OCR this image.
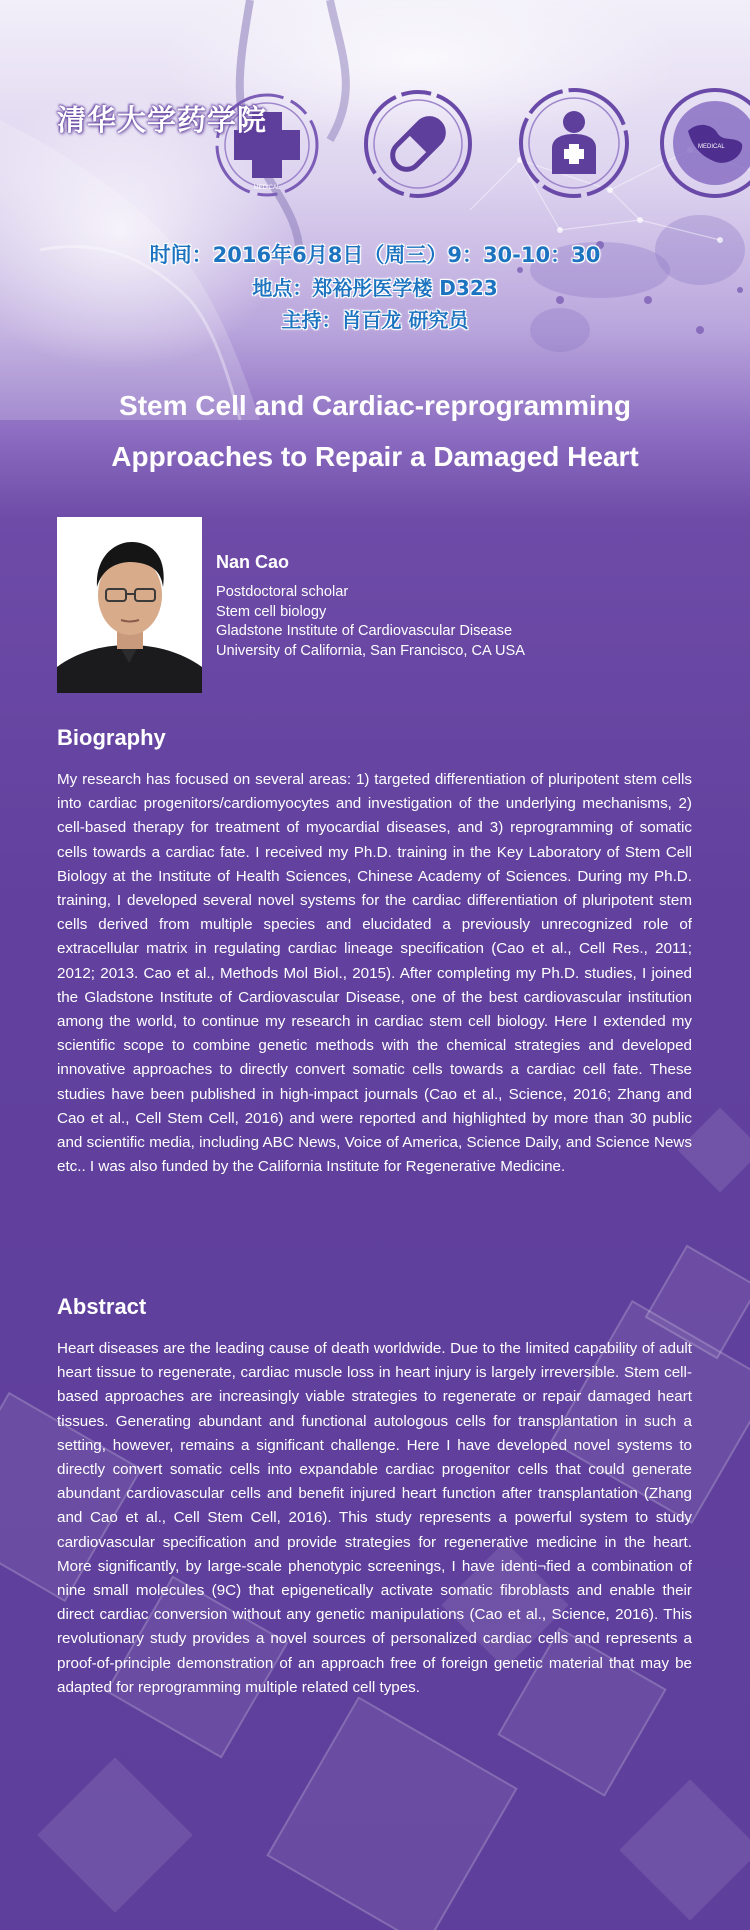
MEDICAL
MEDICAL
清华大学药学院
时间：2016年6月8日（周三）9：30-10：30
地点：郑裕彤医学楼 D323
主持：肖百龙 研究员
Stem Cell and Cardiac-reprogramming
Approaches to Repair a Damaged Heart
Nan Cao
Postdoctoral scholar
Stem cell biology
Gladstone Institute of Cardiovascular Disease
University of California, San Francisco, CA USA
Biography
My research has focused on several areas: 1) targeted differentiation of pluripotent stem cells into cardiac progenitors/cardiomyocytes and investigation of the underlying mechanisms, 2) cell-based therapy for treatment of myocardial diseases, and 3) reprogramming of somatic cells towards a cardiac fate. I received my Ph.D. training in the Key Laboratory of Stem Cell Biology at the Institute of Health Sciences, Chinese Academy of Sciences. During my Ph.D. training, I developed several novel systems for the cardiac differentiation of pluripotent stem cells derived from multiple species and elucidated a previously unrecognized role of extracellular matrix in regulating cardiac lineage specification (Cao et al., Cell Res., 2011; 2012; 2013. Cao et al., Methods Mol Biol., 2015). After completing my Ph.D. studies, I joined the Gladstone Institute of Cardiovascular Disease, one of the best cardiovascular institution among the world, to continue my research in cardiac stem cell biology. Here I extended my scientific scope to combine genetic methods with the chemical strategies and developed innovative approaches to directly convert somatic cells towards a cardiac cell fate. These studies have been published in high-impact journals (Cao et al., Science, 2016; Zhang and Cao et al., Cell Stem Cell, 2016) and were reported and highlighted by more than 30 public and scientific media, including ABC News, Voice of America, Science Daily, and Science News etc.. I was also funded by the California Institute for Regenerative Medicine.
Abstract
Heart diseases are the leading cause of death worldwide. Due to the limited capability of adult heart tissue to regenerate, cardiac muscle loss in heart injury is largely irreversible. Stem cell-based approaches are increasingly viable strategies to regenerate or repair damaged heart tissues. Generating abundant and functional autologous cells for transplantation in such a setting, however, remains a significant challenge. Here I have developed novel systems to directly convert somatic cells into expandable cardiac progenitor cells that could generate abundant cardiovascular cells and benefit injured heart function after transplantation (Zhang and Cao et al., Cell Stem Cell, 2016). This study represents a powerful system to study cardiovascular specification and provide strategies for regenerative medicine in the heart. More significantly, by large-scale phenotypic screenings, I have identi¬fied a combination of nine small molecules (9C) that epigenetically activate somatic fibroblasts and enable their direct cardiac conversion without any genetic manipulations (Cao et al., Science, 2016). This revolutionary study provides a novel sources of personalized cardiac cells and represents a proof-of-principle demonstration of an approach free of foreign genetic material that may be adapted for reprogramming multiple related cell types.
